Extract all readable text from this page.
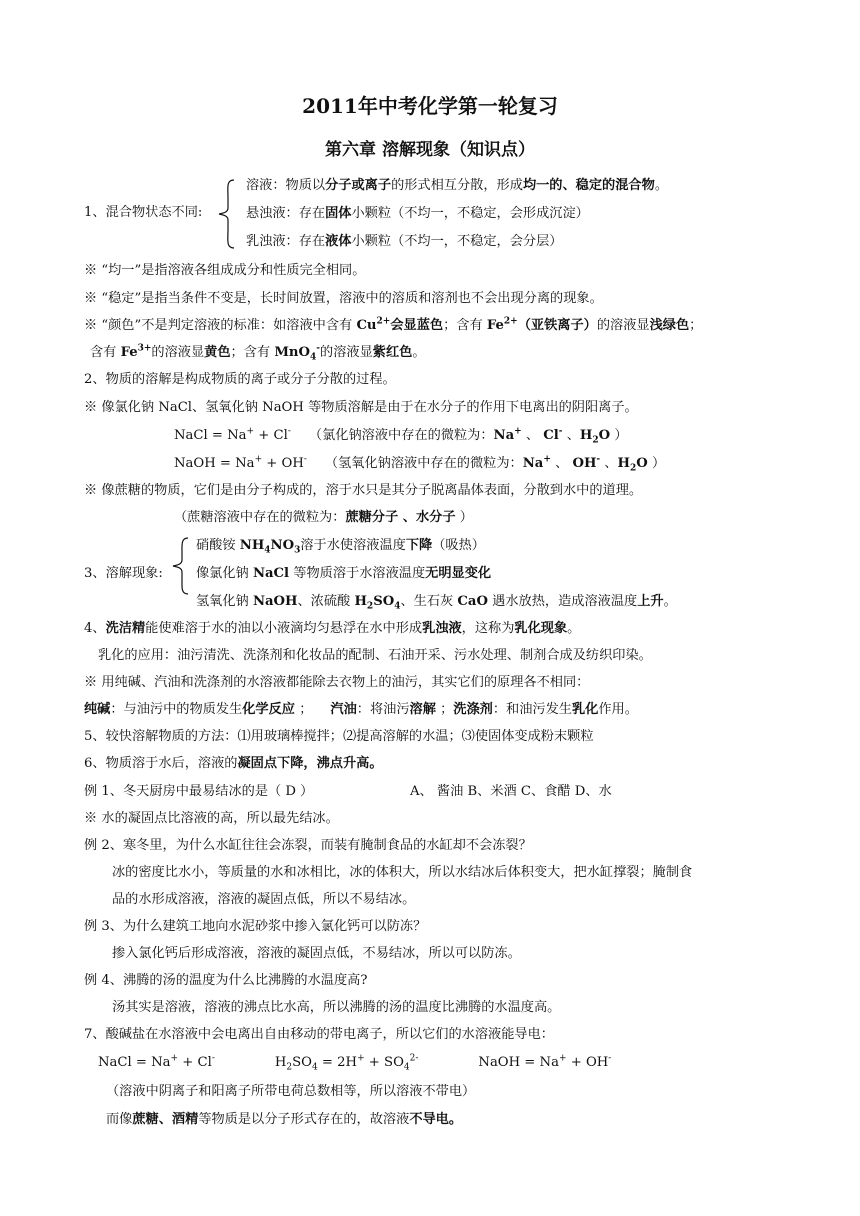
2011年中考化学第一轮复习
第六章 溶解现象（知识点）
1、混合物状态不同:
溶液：物质以分子或离子的形式相互分散，形成均一的、稳定的混合物。
悬浊液：存在固体小颗粒（不均一，不稳定，会形成沉淀）
乳浊液：存在液体小颗粒（不均一，不稳定，会分层）
※ “均一”是指溶液各组成成分和性质完全相同。
※ “稳定”是指当条件不变是，长时间放置，溶液中的溶质和溶剂也不会出现分离的现象。
※ “颜色”不是判定溶液的标准：如溶液中含有 $Cu^{2+}$会显蓝色；含有 $Fe^{2+}$（亚铁离子）的溶液显浅绿色；
含有 $Fe^{3+}$的溶液显黄色；含有 MnO$_4$-的溶液显紫红色。
2、物质的溶解是构成物质的离子或分子分散的过程。
※ 像氯化钠 NaCl、氢氧化钠 NaOH 等物质溶解是由于在水分子的作用下电离出的阴阳离子。
NaCl = Na+ + Cl- （氯化钠溶液中存在的微粒为：Na+ 、 Cl- 、$H_2O$ ）
NaOH = Na+ + OH- （氢氧化钠溶液中存在的微粒为：Na+ 、 OH- 、$H_2O$ ）
※ 像蔗糖的物质，它们是由分子构成的，溶于水只是其分子脱离晶体表面，分散到水中的道理。
（蔗糖溶液中存在的微粒为：蔗糖分子 、水分子 ）
3、溶解现象:
硝酸铵 $NH_4NO_3$溶于水使溶液温度下降（吸热）
像氯化钠 NaCl 等物质溶于水溶液温度无明显变化
氢氧化钠 NaOH、浓硫酸 $H_2SO_4$、生石灰 CaO 遇水放热，造成溶液温度上升。
4、洗洁精能使难溶于水的油以小液滴均匀悬浮在水中形成乳浊液，这称为乳化现象。
乳化的应用：油污清洗、洗涤剂和化妆品的配制、石油开采、污水处理、制剂合成及纺织印染。
※ 用纯碱、汽油和洗涤剂的水溶液都能除去衣物上的油污，其实它们的原理各不相同：
纯碱：与油污中的物质发生化学反应 ； 汽油：将油污溶解 ；洗涤剂：和油污发生乳化作用。
5、较快溶解物质的方法：⑴用玻璃棒搅拌；⑵提高溶解的水温；⑶使固体变成粉末颗粒
6、物质溶于水后，溶液的凝固点下降，沸点升高。
例 1、冬天厨房中最易结冰的是（ D ）	A、 酱油 B、米酒 C、食醋 D、水
※ 水的凝固点比溶液的高，所以最先结冰。
例 2、寒冬里，为什么水缸往往会冻裂，而装有腌制食品的水缸却不会冻裂？
冰的密度比水小，等质量的水和冰相比，冰的体积大，所以水结冰后体积变大，把水缸撑裂；腌制食
品的水形成溶液，溶液的凝固点低，所以不易结冰。
例 3、为什么建筑工地向水泥砂浆中掺入氯化钙可以防冻？
掺入氯化钙后形成溶液，溶液的凝固点低，不易结冰，所以可以防冻。
例 4、沸腾的汤的温度为什么比沸腾的水温度高?
汤其实是溶液，溶液的沸点比水高，所以沸腾的汤的温度比沸腾的水温度高。
7、酸碱盐在水溶液中会电离出自由移动的带电离子，所以它们的水溶液能导电：
NaCl = Na+ + Cl-	$H_2SO_4 = 2H^+ + SO_4^{2-}$	NaOH = Na+ + OH-
（溶液中阴离子和阳离子所带电荷总数相等，所以溶液不带电）
而像蔗糖、酒精等物质是以分子形式存在的，故溶液不导电。
